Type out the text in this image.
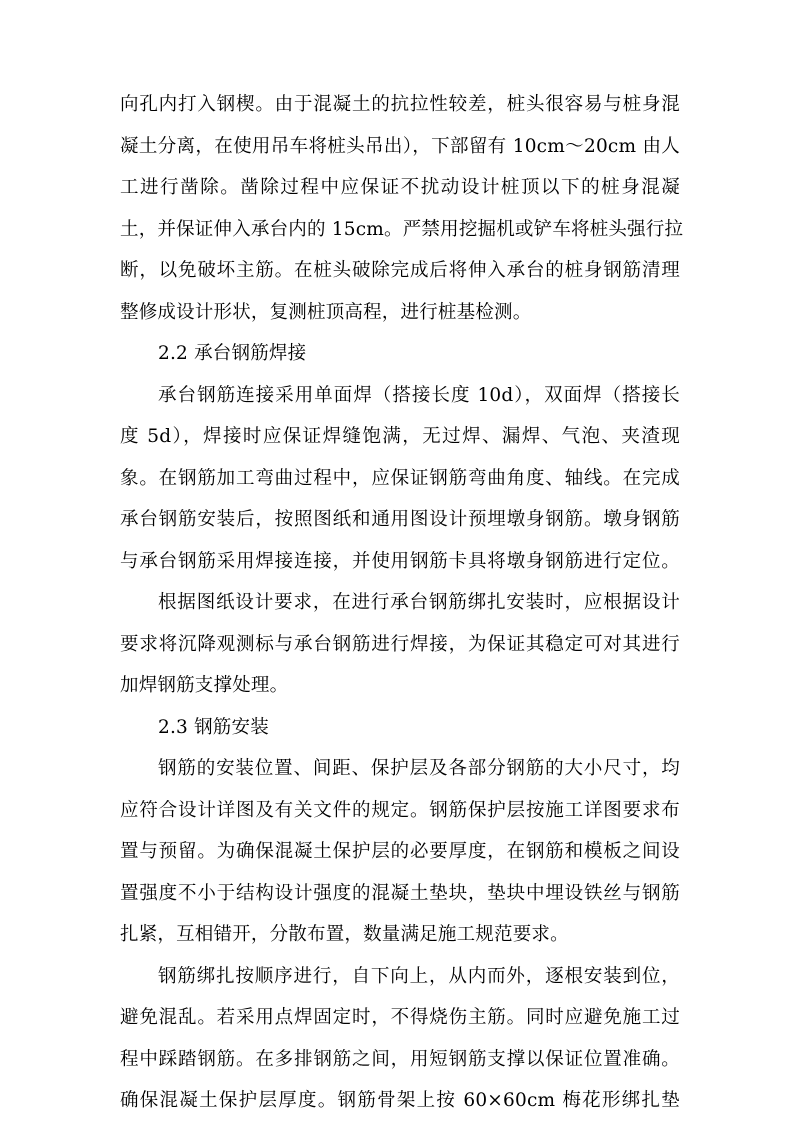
向孔内打入钢楔。由于混凝土的抗拉性较差，桩头很容易与桩身混
凝土分离，在使用吊车将桩头吊出），下部留有 10cm～20cm 由人
工进行凿除。凿除过程中应保证不扰动设计桩顶以下的桩身混凝
土，并保证伸入承台内的 15cm。严禁用挖掘机或铲车将桩头强行拉
断，以免破坏主筋。在桩头破除完成后将伸入承台的桩身钢筋清理
整修成设计形状，复测桩顶高程，进行桩基检测。
2.2 承台钢筋焊接
承台钢筋连接采用单面焊（搭接长度 10d），双面焊（搭接长
度 5d），焊接时应保证焊缝饱满，无过焊、漏焊、气泡、夹渣现
象。在钢筋加工弯曲过程中，应保证钢筋弯曲角度、轴线。在完成
承台钢筋安装后，按照图纸和通用图设计预埋墩身钢筋。墩身钢筋
与承台钢筋采用焊接连接，并使用钢筋卡具将墩身钢筋进行定位。
根据图纸设计要求，在进行承台钢筋绑扎安装时，应根据设计
要求将沉降观测标与承台钢筋进行焊接，为保证其稳定可对其进行
加焊钢筋支撑处理。
2.3 钢筋安装
钢筋的安装位置、间距、保护层及各部分钢筋的大小尺寸，均
应符合设计详图及有关文件的规定。钢筋保护层按施工详图要求布
置与预留。为确保混凝土保护层的必要厚度，在钢筋和模板之间设
置强度不小于结构设计强度的混凝土垫块，垫块中埋设铁丝与钢筋
扎紧，互相错开，分散布置，数量满足施工规范要求。
钢筋绑扎按顺序进行，自下向上，从内而外，逐根安装到位，
避免混乱。若采用点焊固定时，不得烧伤主筋。同时应避免施工过
程中踩踏钢筋。在多排钢筋之间，用短钢筋支撑以保证位置准确。
确保混凝土保护层厚度。钢筋骨架上按 60×60cm 梅花形绑扎垫
